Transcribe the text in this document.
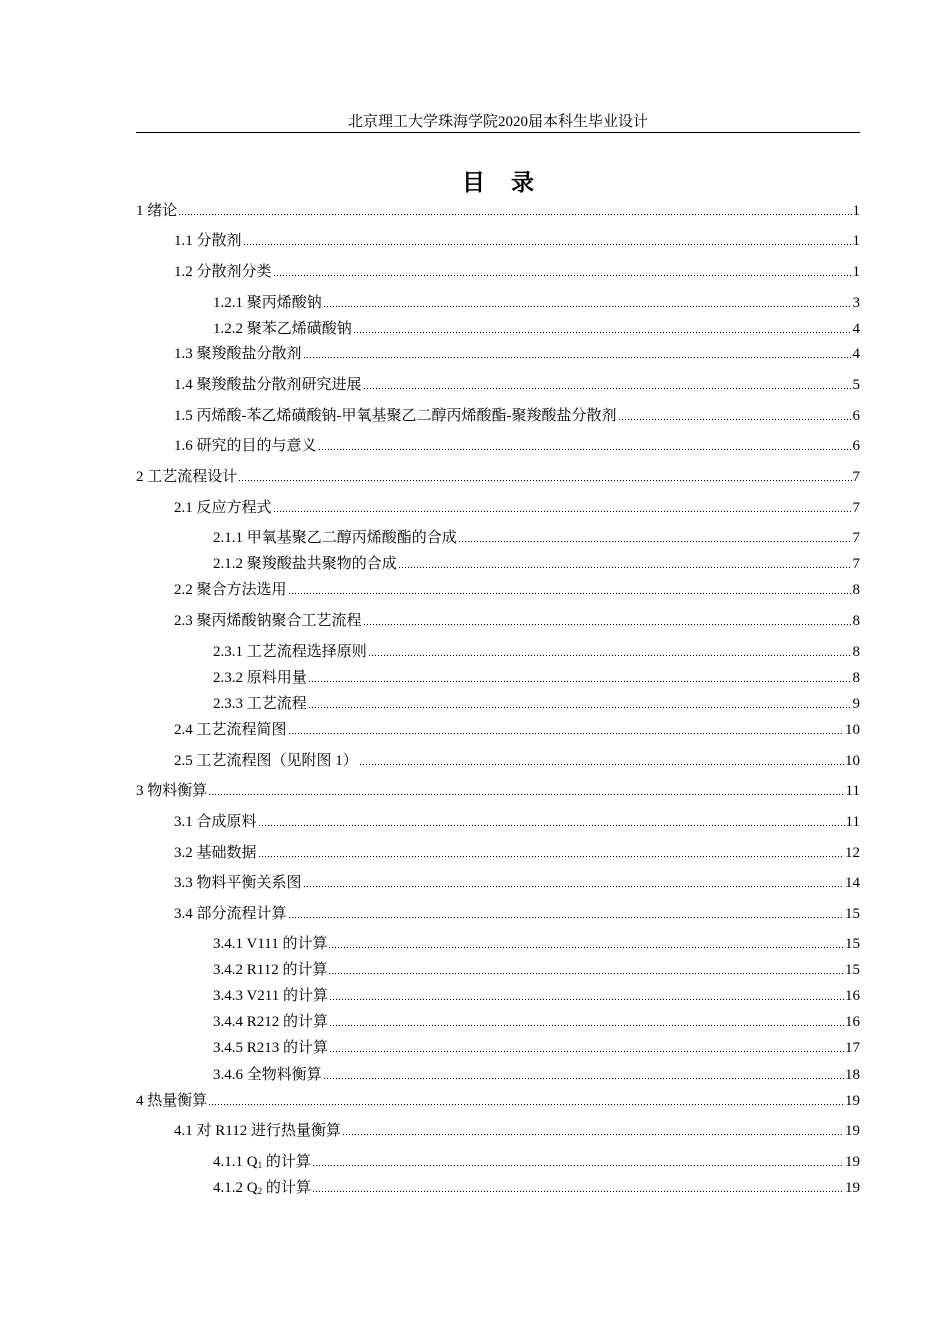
北京理工大学珠海学院2020届本科生毕业设计
目 录
1 绪论	1
1.1 分散剂	1
1.2 分散剂分类	1
1.2.1 聚丙烯酸钠	3
1.2.2 聚苯乙烯磺酸钠	4
1.3 聚羧酸盐分散剂	4
1.4 聚羧酸盐分散剂研究进展	5
1.5 丙烯酸-苯乙烯磺酸钠-甲氧基聚乙二醇丙烯酸酯-聚羧酸盐分散剂	6
1.6 研究的目的与意义	6
2 工艺流程设计	7
2.1 反应方程式	7
2.1.1 甲氧基聚乙二醇丙烯酸酯的合成	7
2.1.2 聚羧酸盐共聚物的合成	7
2.2 聚合方法选用	8
2.3 聚丙烯酸钠聚合工艺流程	8
2.3.1 工艺流程选择原则	8
2.3.2 原料用量	8
2.3.3 工艺流程	9
2.4 工艺流程简图	10
2.5 工艺流程图（见附图 1）	10
3 物料衡算	11
3.1 合成原料	11
3.2 基础数据	12
3.3 物料平衡关系图	14
3.4 部分流程计算	15
3.4.1 V111 的计算	15
3.4.2 R112 的计算	15
3.4.3 V211 的计算	16
3.4.4 R212 的计算	16
3.4.5 R213 的计算	17
3.4.6 全物料衡算	18
4 热量衡算	19
4.1 对 R112 进行热量衡算	19
4.1.1 $Q_1$ 的计算	19
4.1.2 $Q_2$ 的计算	19
